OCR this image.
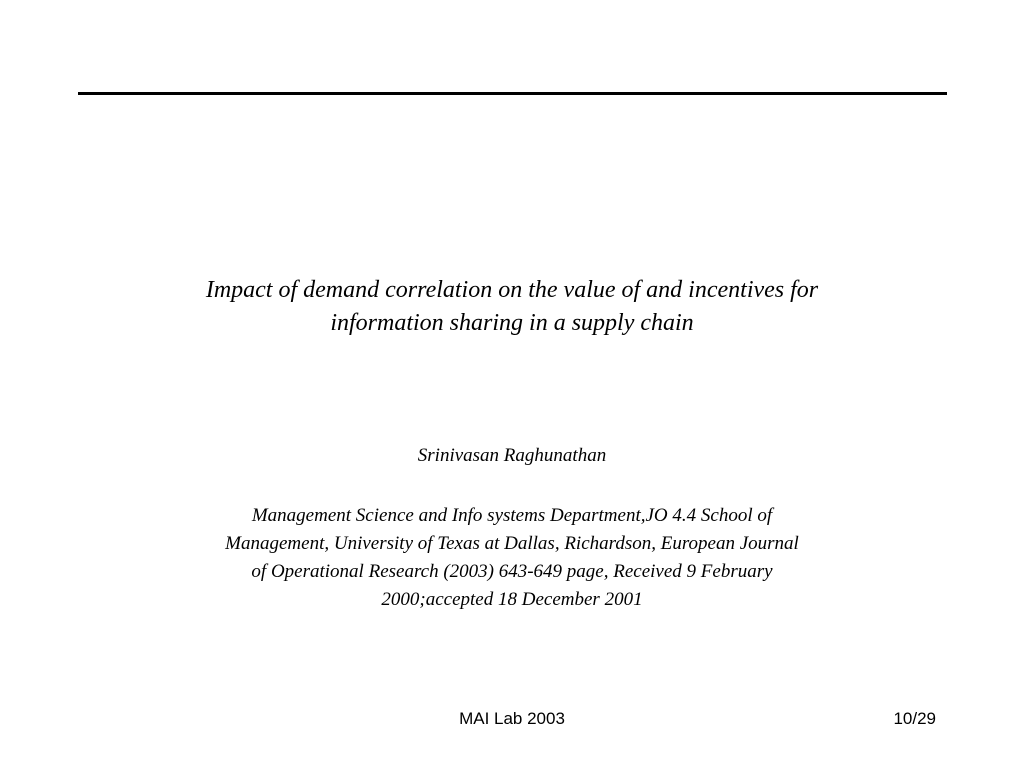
Impact of demand correlation on the value of and incentives for
information sharing in a supply chain
Srinivasan Raghunathan
Management Science and Info systems Department,JO 4.4 School of
Management, University of Texas at Dallas, Richardson, European Journal
of Operational Research (2003) 643-649 page, Received 9 February
2000;accepted 18 December 2001
MAI Lab 2003	10/29
